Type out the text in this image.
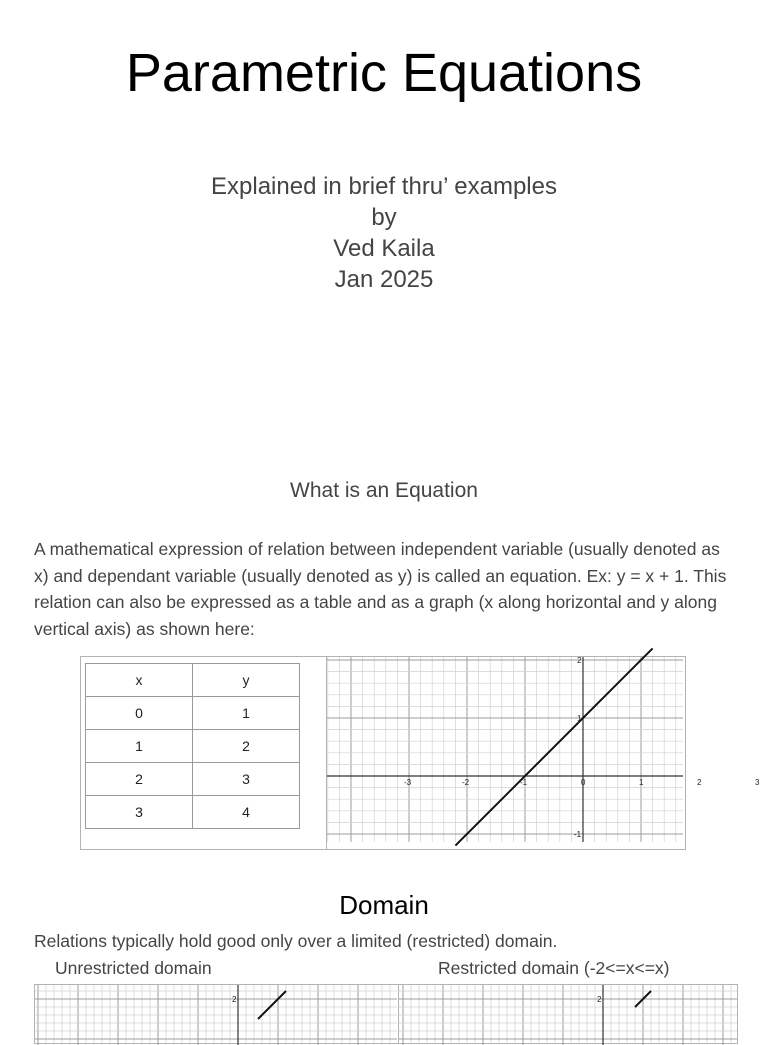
Parametric Equations
Explained in brief thru’ examples
by
Ved Kaila
Jan 2025
What is an Equation
A mathematical expression of relation between independent variable (usually denoted as x) and dependant variable (usually denoted as y) is called an equation. Ex: y = x + 1. This relation can also be expressed as a table and as a graph (x along horizontal and y along vertical axis) as shown here:
x	y
0	1
1	2
2	3
3	4
-3	-2	-1	0	1	2	3
-1
1
2
Domain
Relations typically hold good only over a limited (restricted) domain.
Unrestricted domain	Restricted domain (-2<=x<=x)
2	2
